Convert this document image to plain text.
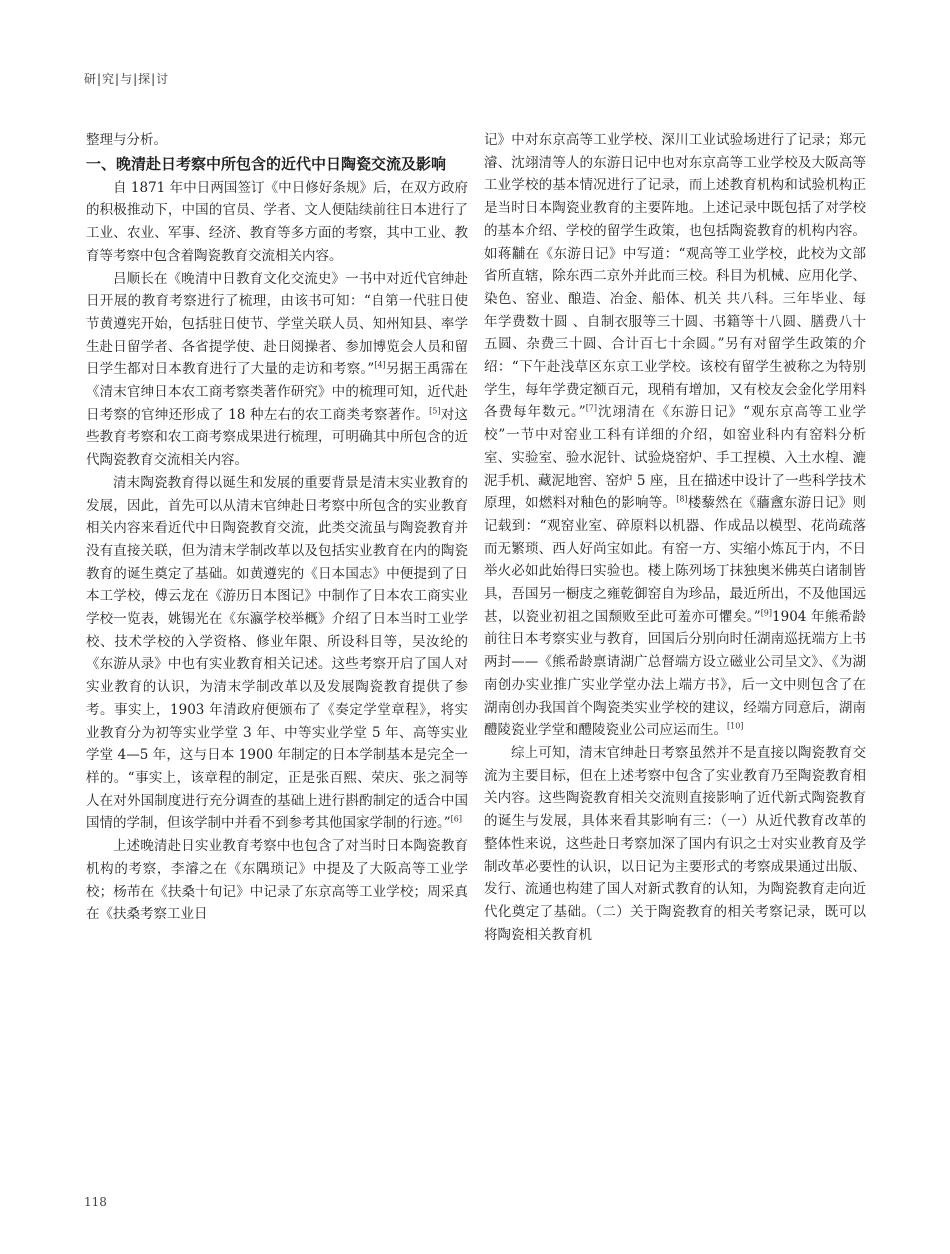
研|究|与|探|讨

整理与分析。

一、晚清赴日考察中所包含的近代中日陶瓷交流及影响

自 1871 年中日两国签订《中日修好条规》后，在双方政府的积极推动下，中国的官员、学者、文人便陆续前往日本进行了工业、农业、军事、经济、教育等多方面的考察，其中工业、教育等考察中包含着陶瓷教育交流相关内容。

吕顺长在《晚清中日教育文化交流史》一书中对近代官绅赴日开展的教育考察进行了梳理，由该书可知：“自第一代驻日使节黄遵宪开始，包括驻日使节、学堂关联人员、知州知县、率学生赴日留学者、各省提学使、赴日阅操者、参加博览会人员和留日学生都对日本教育进行了大量的走访和考察。”[4]另据王禹霈在《清末官绅日本农工商考察类著作研究》中的梳理可知，近代赴日考察的官绅还形成了 18 种左右的农工商类考察著作。[5]对这些教育考察和农工商考察成果进行梳理，可明确其中所包含的近代陶瓷教育交流相关内容。

清末陶瓷教育得以诞生和发展的重要背景是清末实业教育的发展，因此，首先可以从清末官绅赴日考察中所包含的实业教育相关内容来看近代中日陶瓷教育交流，此类交流虽与陶瓷教育并没有直接关联，但为清末学制改革以及包括实业教育在内的陶瓷教育的诞生奠定了基础。如黄遵宪的《日本国志》中便提到了日本工学校，傅云龙在《游历日本图记》中制作了日本农工商实业学校一览表，姚锡光在《东瀛学校举概》介绍了日本当时工业学校、技术学校的入学资格、修业年限、所设科目等，吴汝纶的《东游从录》中也有实业教育相关记述。这些考察开启了国人对实业教育的认识，为清末学制改革以及发展陶瓷教育提供了参考。事实上，1903 年清政府便颁布了《奏定学堂章程》，将实业教育分为初等实业学堂 3 年、中等实业学堂 5 年、高等实业学堂 4—5 年，这与日本 1900 年制定的日本学制基本是完全一样的。“事实上，该章程的制定，正是张百熙、荣庆、张之洞等人在对外国制度进行充分调查的基础上进行斟酌制定的适合中国国情的学制，但该学制中并看不到参考其他国家学制的行迹。”[6]

上述晚清赴日实业教育考察中也包含了对当时日本陶瓷教育机构的考察，李濬之在《东隅琐记》中提及了大阪高等工业学校；杨芾在《扶桑十旬记》中记录了东京高等工业学校；周采真在《扶桑考察工业日

记》中对东京高等工业学校、深川工业试验场进行了记录；郑元濬、沈翊清等人的东游日记中也对东京高等工业学校及大阪高等工业学校的基本情况进行了记录，而上述教育机构和试验机构正是当时日本陶瓷业教育的主要阵地。上述记录中既包括了对学校的基本介绍、学校的留学生政策，也包括陶瓷教育的机构内容。如蒋黼在《东游日记》中写道：“观高等工业学校，此校为文部省所直辖，除东西二京外并此而三校。科目为机械、应用化学、染色、窑业、酿造、冶金、船体、机关 共八科。三年毕业、每年学费数十圆 、自制衣服等三十圆、书籍等十八圆、膳费八十五圆、杂费三十圆、合计百七十余圆。”另有对留学生政策的介绍：“下午赴浅草区东京工业学校。该校有留学生被称之为特别学生，每年学费定额百元，现稍有增加，又有校友会金化学用料各费每年数元。”[7]沈翊清在《东游日记》“观东京高等工业学校”一节中对窑业工科有详细的介绍，如窑业科内有窑料分析室、实验室、验水泥针、试验烧窑炉、手工捏模、入土水楻、漉泥手机、藏泥地窖、窑炉 5 座，且在描述中设计了一些科学技术原理，如燃料对釉色的影响等。[8]楼藜然在《蘠盦东游日记》则记载到：“观窑业室、碎原料以机器、作成品以模型、花尚疏落而无繁琐、西人好尚宝如此。有窑一方、实缩小炼瓦于内，不日举火必如此始得曰实验也。楼上陈列场丁抹独奥米佛英白诸制皆具，吾国另一橱庋之雍乾御窑自为珍品，最近所出，不及他国远甚，以瓷业初祖之国颓败至此可羞亦可懼矣。”[9]1904 年熊希龄前往日本考察实业与教育，回国后分别向时任湖南巡抚端方上书两封——《熊希龄禀请湖广总督端方设立磁业公司呈文》、《为湖南创办实业推广实业学堂办法上端方书》，后一文中则包含了在湖南创办我国首个陶瓷类实业学校的建议，经端方同意后，湖南醴陵瓷业学堂和醴陵瓷业公司应运而生。[10]

综上可知，清末官绅赴日考察虽然并不是直接以陶瓷教育交流为主要目标，但在上述考察中包含了实业教育乃至陶瓷教育相关内容。这些陶瓷教育相关交流则直接影响了近代新式陶瓷教育的诞生与发展，具体来看其影响有三：（一）从近代教育改革的整体性来说，这些赴日考察加深了国内有识之士对实业教育及学制改革必要性的认识，以日记为主要形式的考察成果通过出版、发行、流通也构建了国人对新式教育的认知，为陶瓷教育走向近代化奠定了基础。（二）关于陶瓷教育的相关考察记录，既可以将陶瓷相关教育机

118
